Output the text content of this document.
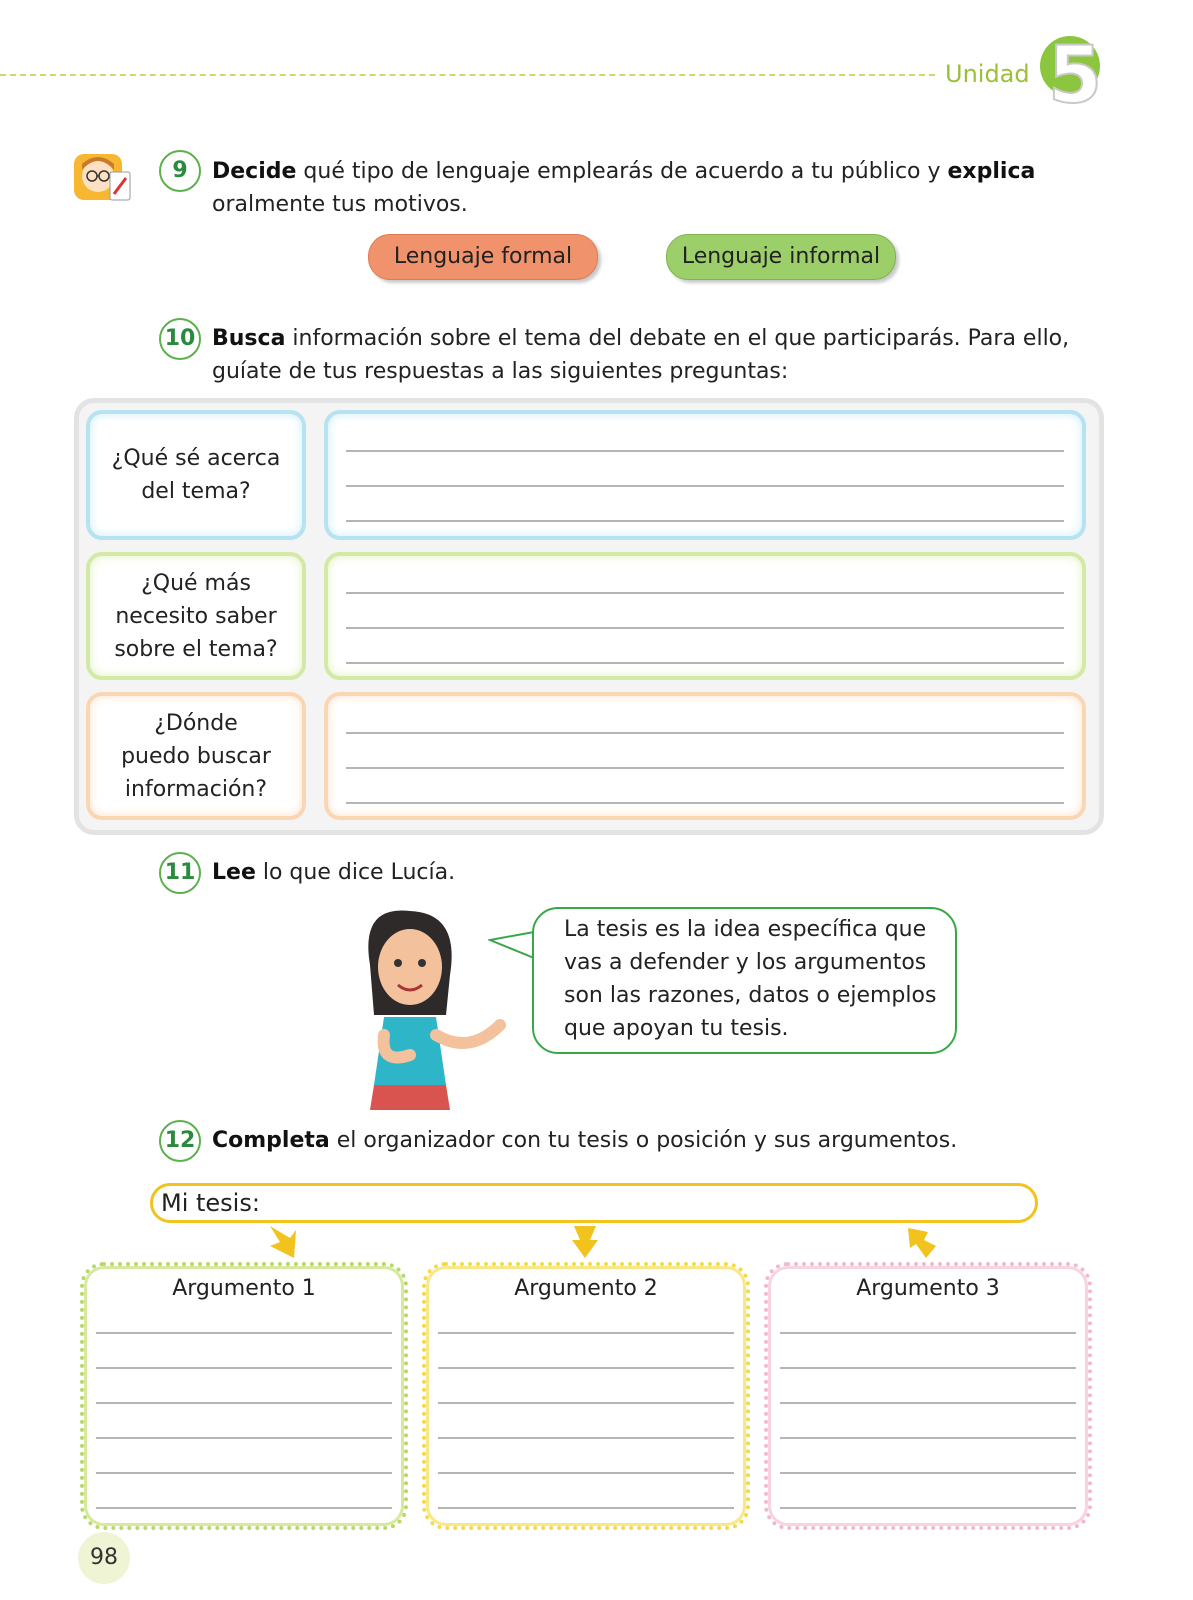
Unidad 5
9	Decide qué tipo de lenguaje emplearás de acuerdo a tu público y explica
oralmente tus motivos.
Lenguaje formal	Lenguaje informal
10 Busca información sobre el tema del debate en el que participarás. Para ello,
guíate de tus respuestas a las siguientes preguntas:
¿Qué sé acerca
del tema?
¿Qué más
necesito saber
sobre el tema?
¿Dónde
puedo buscar
información?
11 Lee lo que dice Lucía.
La tesis es la idea específica que
vas a defender y los argumentos
son las razones, datos o ejemplos
que apoyan tu tesis.
12 Completa el organizador con tu tesis o posición y sus argumentos.
Mi tesis:
Argumento 1	Argumento 2	Argumento 3
98
